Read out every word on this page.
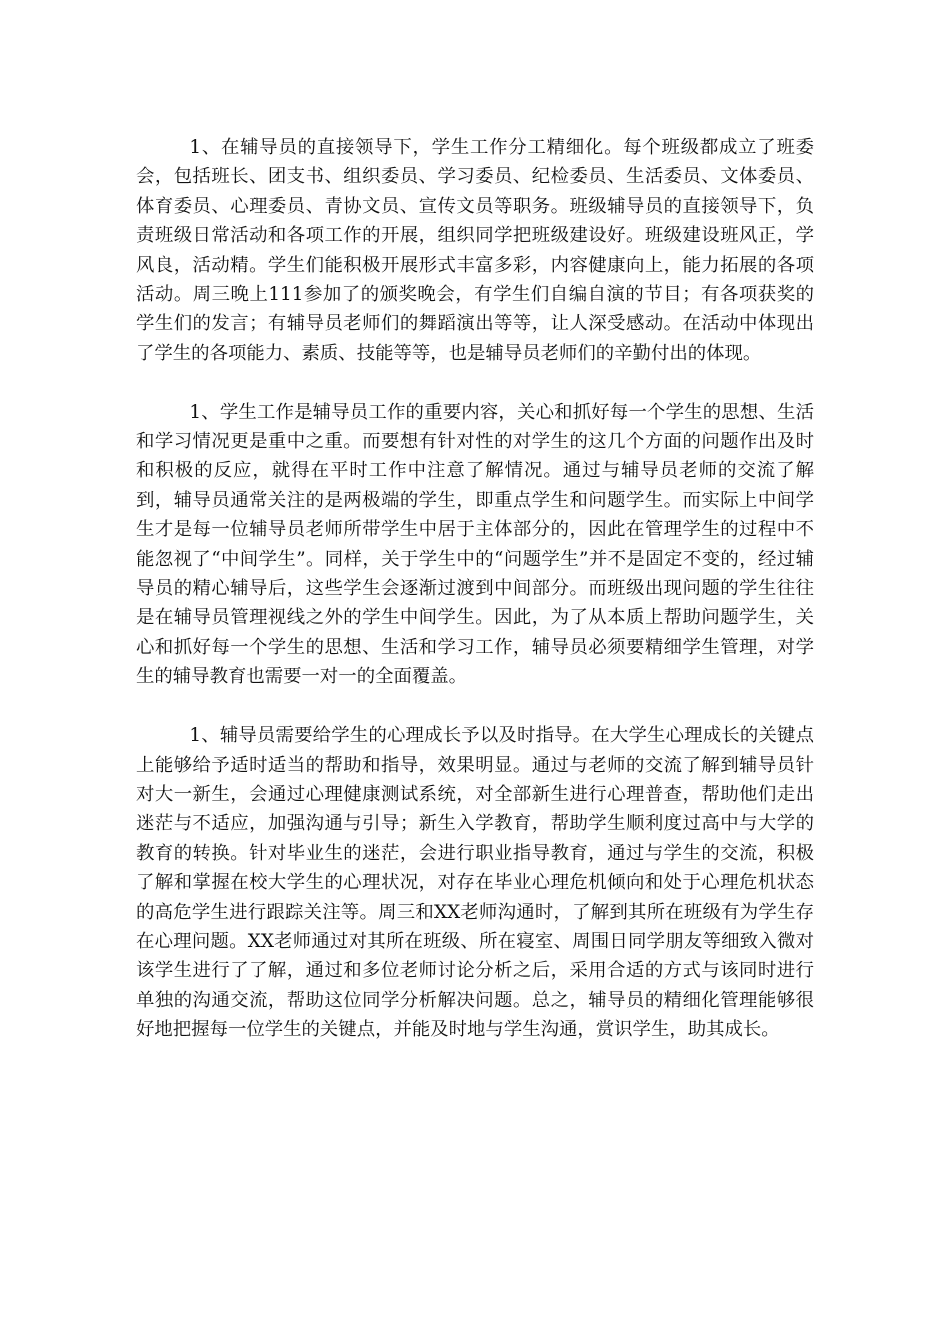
1、在辅导员的直接领导下，学生工作分工精细化。每个班级都成立了班委会，包括班长、团支书、组织委员、学习委员、纪检委员、生活委员、文体委员、体育委员、心理委员、青协文员、宣传文员等职务。班级辅导员的直接领导下，负责班级日常活动和各项工作的开展，组织同学把班级建设好。班级建设班风正，学风良，活动精。学生们能积极开展形式丰富多彩，内容健康向上，能力拓展的各项活动。周三晚上111参加了的颁奖晚会，有学生们自编自演的节目；有各项获奖的学生们的发言；有辅导员老师们的舞蹈演出等等，让人深受感动。在活动中体现出了学生的各项能力、素质、技能等等，也是辅导员老师们的辛勤付出的体现。

1、学生工作是辅导员工作的重要内容，关心和抓好每一个学生的思想、生活和学习情况更是重中之重。而要想有针对性的对学生的这几个方面的问题作出及时和积极的反应，就得在平时工作中注意了解情况。通过与辅导员老师的交流了解到，辅导员通常关注的是两极端的学生，即重点学生和问题学生。而实际上中间学生才是每一位辅导员老师所带学生中居于主体部分的，因此在管理学生的过程中不能忽视了“中间学生”。同样，关于学生中的“问题学生”并不是固定不变的，经过辅导员的精心辅导后，这些学生会逐渐过渡到中间部分。而班级出现问题的学生往往是在辅导员管理视线之外的学生中间学生。因此，为了从本质上帮助问题学生，关心和抓好每一个学生的思想、生活和学习工作，辅导员必须要精细学生管理，对学生的辅导教育也需要一对一的全面覆盖。

1、辅导员需要给学生的心理成长予以及时指导。在大学生心理成长的关键点上能够给予适时适当的帮助和指导，效果明显。通过与老师的交流了解到辅导员针对大一新生，会通过心理健康测试系统，对全部新生进行心理普查，帮助他们走出迷茫与不适应，加强沟通与引导；新生入学教育，帮助学生顺利度过高中与大学的教育的转换。针对毕业生的迷茫，会进行职业指导教育，通过与学生的交流，积极了解和掌握在校大学生的心理状况，对存在毕业心理危机倾向和处于心理危机状态的高危学生进行跟踪关注等。周三和XX老师沟通时，了解到其所在班级有为学生存在心理问题。XX老师通过对其所在班级、所在寝室、周围日同学朋友等细致入微对该学生进行了了解，通过和多位老师讨论分析之后，采用合适的方式与该同时进行单独的沟通交流，帮助这位同学分析解决问题。总之，辅导员的精细化管理能够很好地把握每一位学生的关键点，并能及时地与学生沟通，赏识学生，助其成长。
